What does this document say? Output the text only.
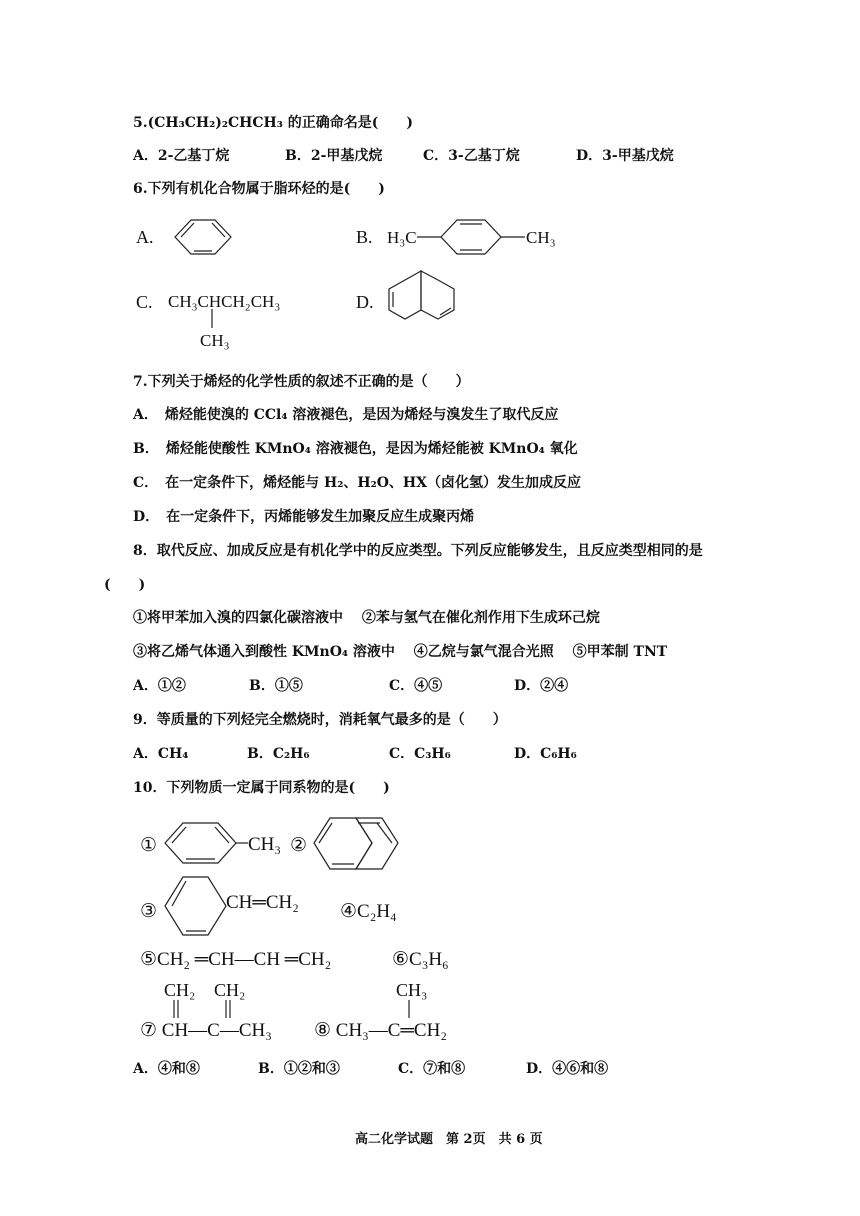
5.(CH₃CH₂)₂CHCH₃ 的正确命名是(　　)
A．2-乙基丁烷	B．2-甲基戊烷	C．3-乙基丁烷	D．3-甲基戊烷
6.下列有机化合物属于脂环烃的是(　　)
A.	B. H₃C	CH₃
C. CH₃CHCH₂CH₃
CH₃
D.
7.下列关于烯烃的化学性质的叙述不正确的是（　　）
A．　烯烃能使溴的 CCl₄ 溶液褪色，是因为烯烃与溴发生了取代反应
B．　烯烃能使酸性 KMnO₄ 溶液褪色，是因为烯烃能被 KMnO₄ 氧化
C．　在一定条件下，烯烃能与 H₂、H₂O、HX（卤化氢）发生加成反应
D．　在一定条件下，丙烯能够发生加聚反应生成聚丙烯
8．取代反应、加成反应是有机化学中的反应类型。下列反应能够发生，且反应类型相同的是
(　　)
①将甲苯加入溴的四氯化碳溶液中　 ②苯与氢气在催化剂作用下生成环己烷
③将乙烯气体通入到酸性 KMnO₄ 溶液中　 ④乙烷与氯气混合光照　 ⑤甲苯制 TNT
A．①②	B．①⑤	C．④⑤	D．②④
9．等质量的下列烃完全燃烧时，消耗氧气最多的是（　　）
A．CH₄	B．C₂H₆	C．C₃H₆	D．C₆H₆
10．下列物质一定属于同系物的是(　　)
①	CH₃ ②
③	CH═CH₂ ④C₂H₄
⑤CH₂ ═CH—CH ═CH₂	⑥C₃H₆
CH₂ CH₂
⑦ CH—C—CH₃
CH₃
⑧ CH₃—C═CH₂
A．④和⑧	B．①②和③	C．⑦和⑧	D．④⑥和⑧
高二化学试题　第 2页　共 6 页
